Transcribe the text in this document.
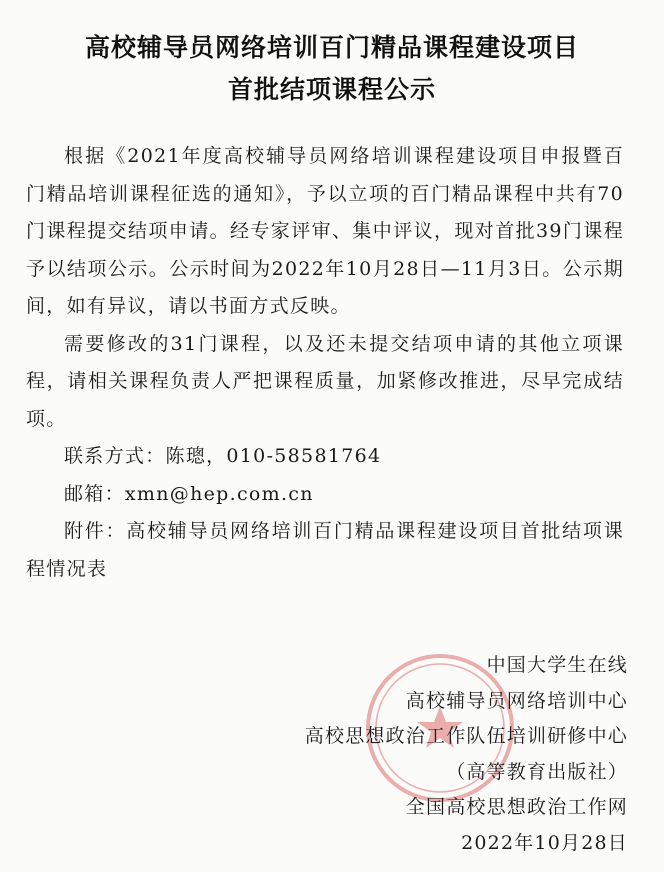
高校辅导员网络培训百门精品课程建设项目
首批结项课程公示

根据《2021年度高校辅导员网络培训课程建设项目申报暨百门精品培训课程征选的通知》，予以立项的百门精品课程中共有70门课程提交结项申请。经专家评审、集中评议，现对首批39门课程予以结项公示。公示时间为2022年10月28日—11月3日。公示期间，如有异议，请以书面方式反映。

需要修改的31门课程，以及还未提交结项申请的其他立项课程，请相关课程负责人严把课程质量，加紧修改推进，尽早完成结项。

联系方式：陈璁，010-58581764

邮箱：xmn@hep.com.cn

附件：高校辅导员网络培训百门精品课程建设项目首批结项课程情况表

中国大学生在线
高校辅导员网络培训中心
高校思想政治工作队伍培训研修中心
（高等教育出版社）
全国高校思想政治工作网
2022年10月28日
